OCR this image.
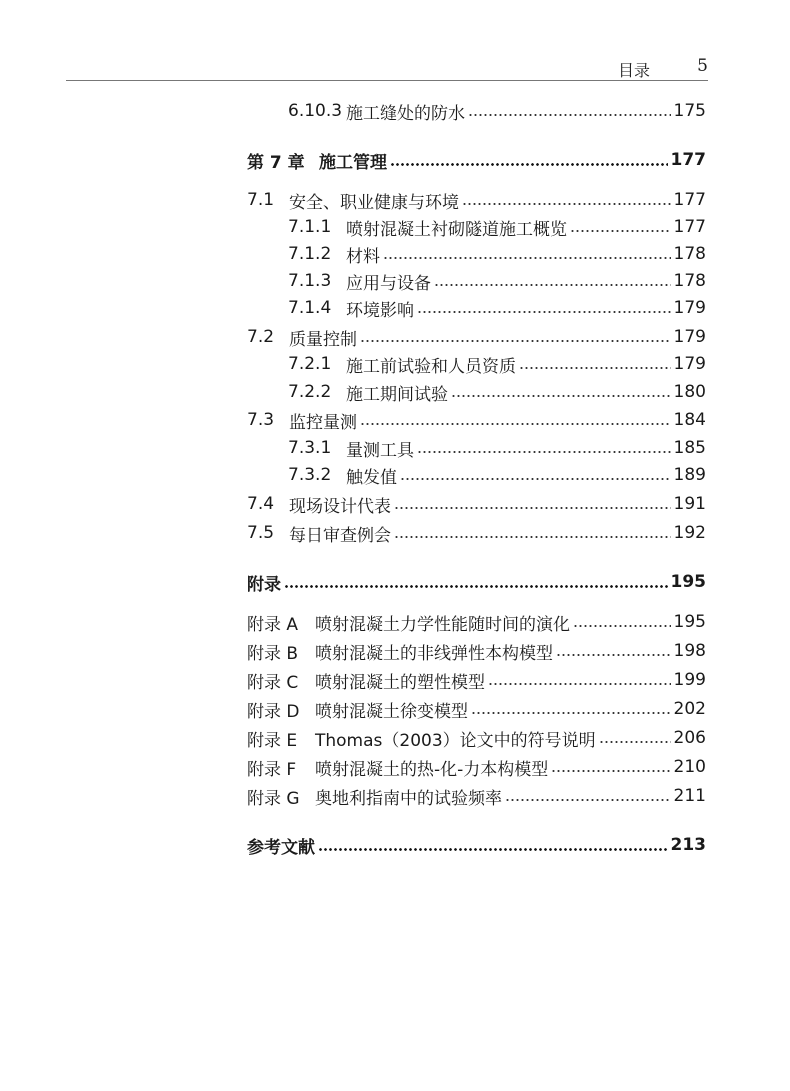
目录	5
6.10.3 施工缝处的防水	175
第 7 章 施工管理	177
7.1 安全、职业健康与环境	177
7.1.1 喷射混凝土衬砌隧道施工概览	177
7.1.2 材料	178
7.1.3 应用与设备	178
7.1.4 环境影响	179
7.2 质量控制	179
7.2.1 施工前试验和人员资质	179
7.2.2 施工期间试验	180
7.3 监控量测	184
7.3.1 量测工具	185
7.3.2 触发值	189
7.4 现场设计代表	191
7.5 每日审查例会	192
附录	195
附录 A 喷射混凝土力学性能随时间的演化	195
附录 B 喷射混凝土的非线弹性本构模型	198
附录 C 喷射混凝土的塑性模型	199
附录 D 喷射混凝土徐变模型	202
附录 E	Thomas（2003）论文中的符号说明	206
附录 F	喷射混凝土的热-化-力本构模型	210
附录 G 奥地利指南中的试验频率	211
参考文献	213
